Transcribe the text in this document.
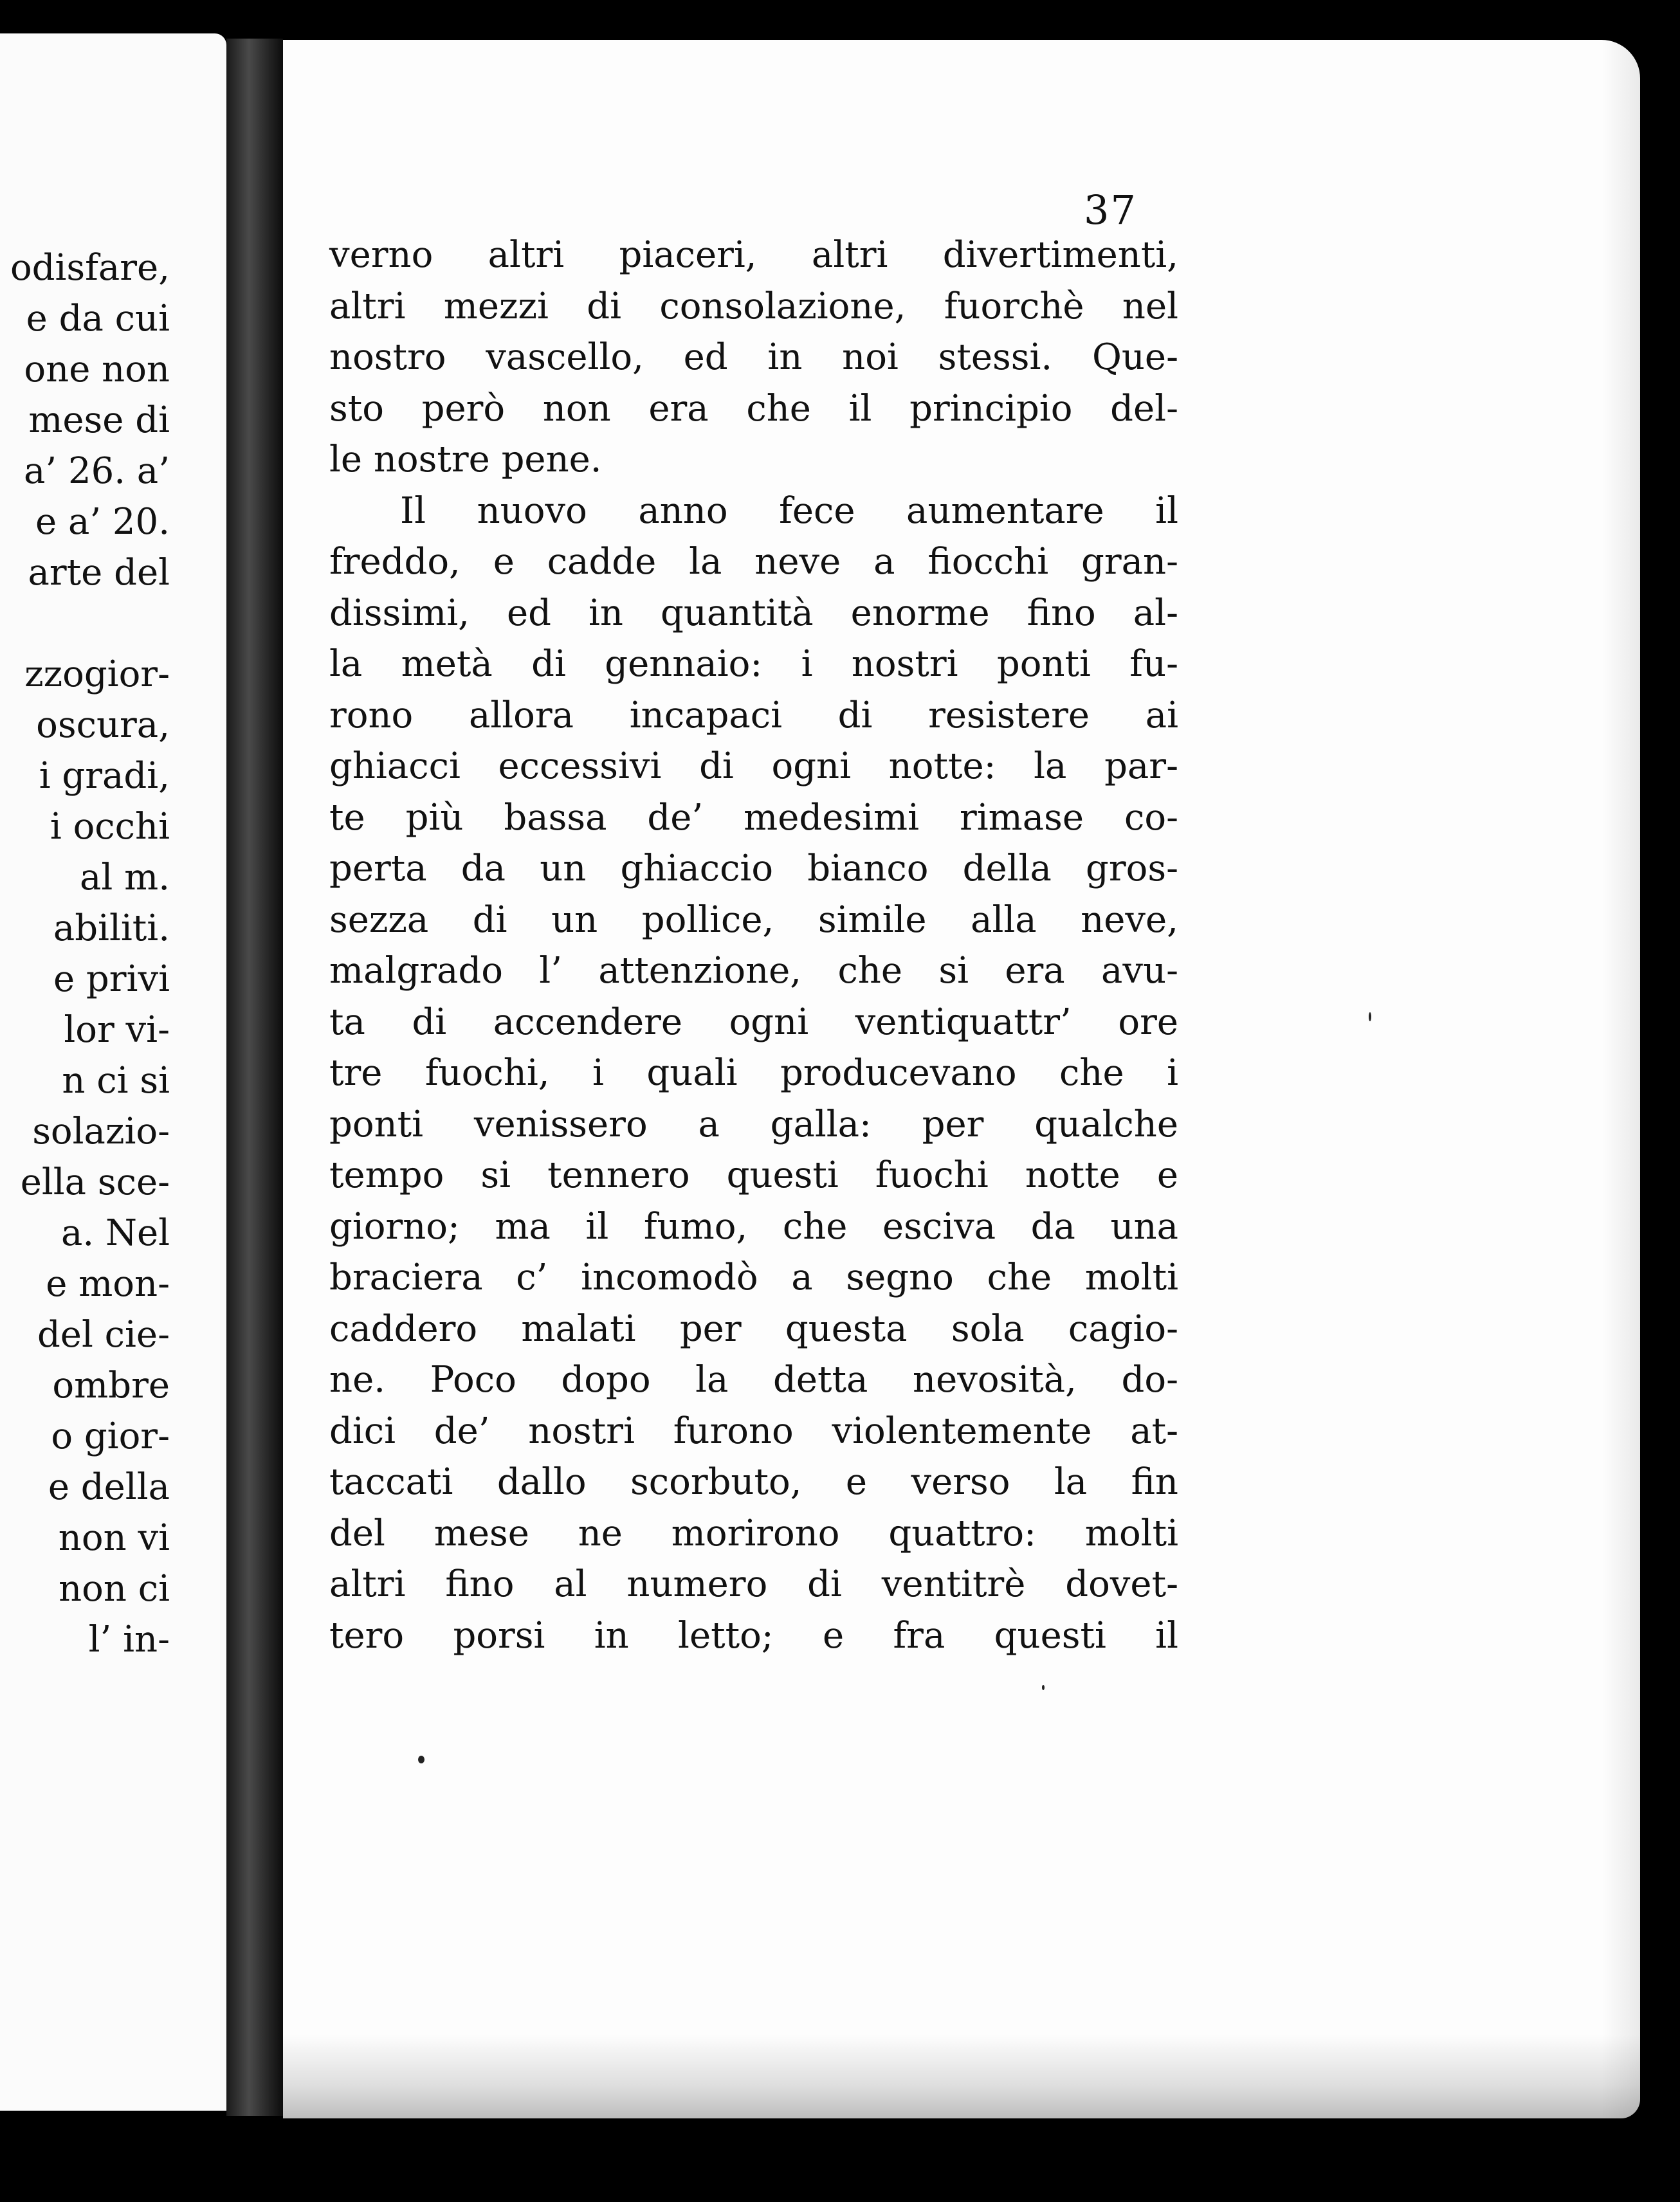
odisfare,
e da cui
one non
mese di
a’ 26. a’
e a’ 20.
arte del
zzogior-
oscura,
i gradi,
i occhi
al m.
abiliti.
e privi
lor vi-
n ci si
solazio-
ella sce-
a. Nel
e mon-
del cie-
ombre
o gior-
e della
non vi
non ci
l’ in-
37
verno altri piaceri, altri divertimenti,
altri mezzi di consolazione, fuorchè nel
nostro vascello, ed in noi stessi. Que-
sto però non era che il principio del-
le nostre pene.
Il nuovo anno fece aumentare il
freddo, e cadde la neve a fiocchi gran-
dissimi, ed in quantità enorme fino al-
la metà di gennaio: i nostri ponti fu-
rono allora incapaci di resistere ai
ghiacci eccessivi di ogni notte: la par-
te più bassa de’ medesimi rimase co-
perta da un ghiaccio bianco della gros-
sezza di un pollice, simile alla neve,
malgrado l’ attenzione, che si era avu-
ta di accendere ogni ventiquattr’ ore
tre fuochi, i quali producevano che i
ponti venissero a galla: per qualche
tempo si tennero questi fuochi notte e
giorno; ma il fumo, che esciva da una
braciera c’ incomodò a segno che molti
caddero malati per questa sola cagio-
ne. Poco dopo la detta nevosità, do-
dici de’ nostri furono violentemente at-
taccati dallo scorbuto, e verso la fin
del mese ne morirono quattro: molti
altri fino al numero di ventitrè dovet-
tero porsi in letto; e fra questi il
